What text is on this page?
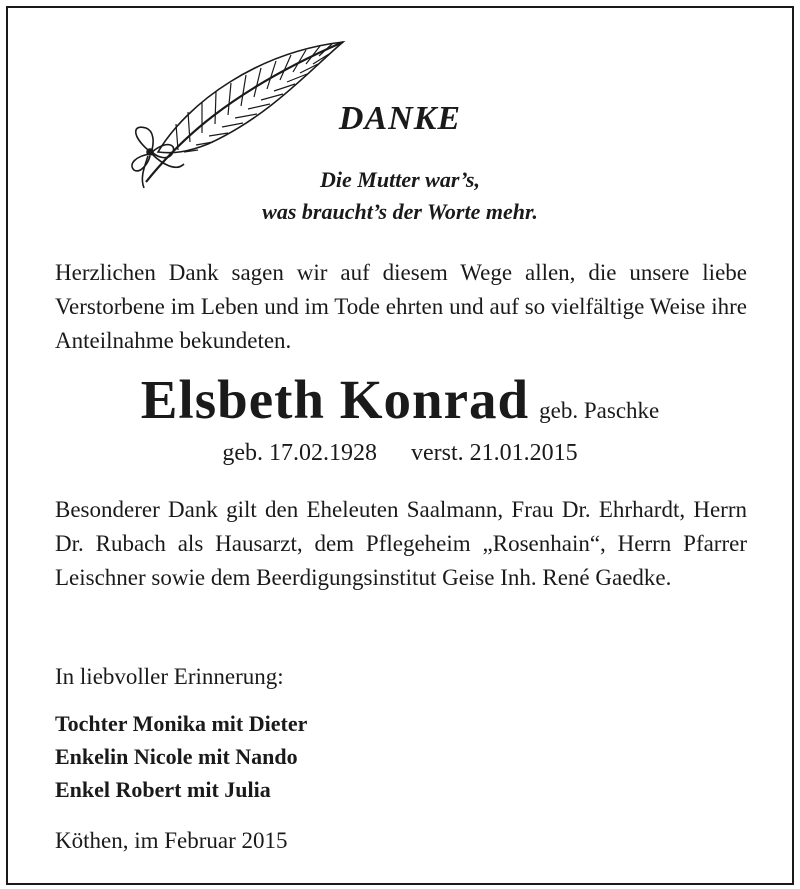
DANKE
Die Mutter war’s,
was braucht’s der Worte mehr.

Herzlichen Dank sagen wir auf diesem Wege allen, die unsere liebe Verstorbene im Leben und im Tode ehrten und auf so vielfältige Weise ihre Anteilnahme bekundeten.

Elsbeth Konrad geb. Paschke
geb. 17.02.1928 verst. 21.01.2015

Besonderer Dank gilt den Eheleuten Saalmann, Frau Dr. Ehrhardt, Herrn Dr. Rubach als Hausarzt, dem Pflegeheim „Rosenhain“, Herrn Pfarrer Leischner sowie dem Beerdigungsinstitut Geise Inh. René Gaedke.

In liebvoller Erinnerung:
Tochter Monika mit Dieter
Enkelin Nicole mit Nando
Enkel Robert mit Julia
Köthen, im Februar 2015
